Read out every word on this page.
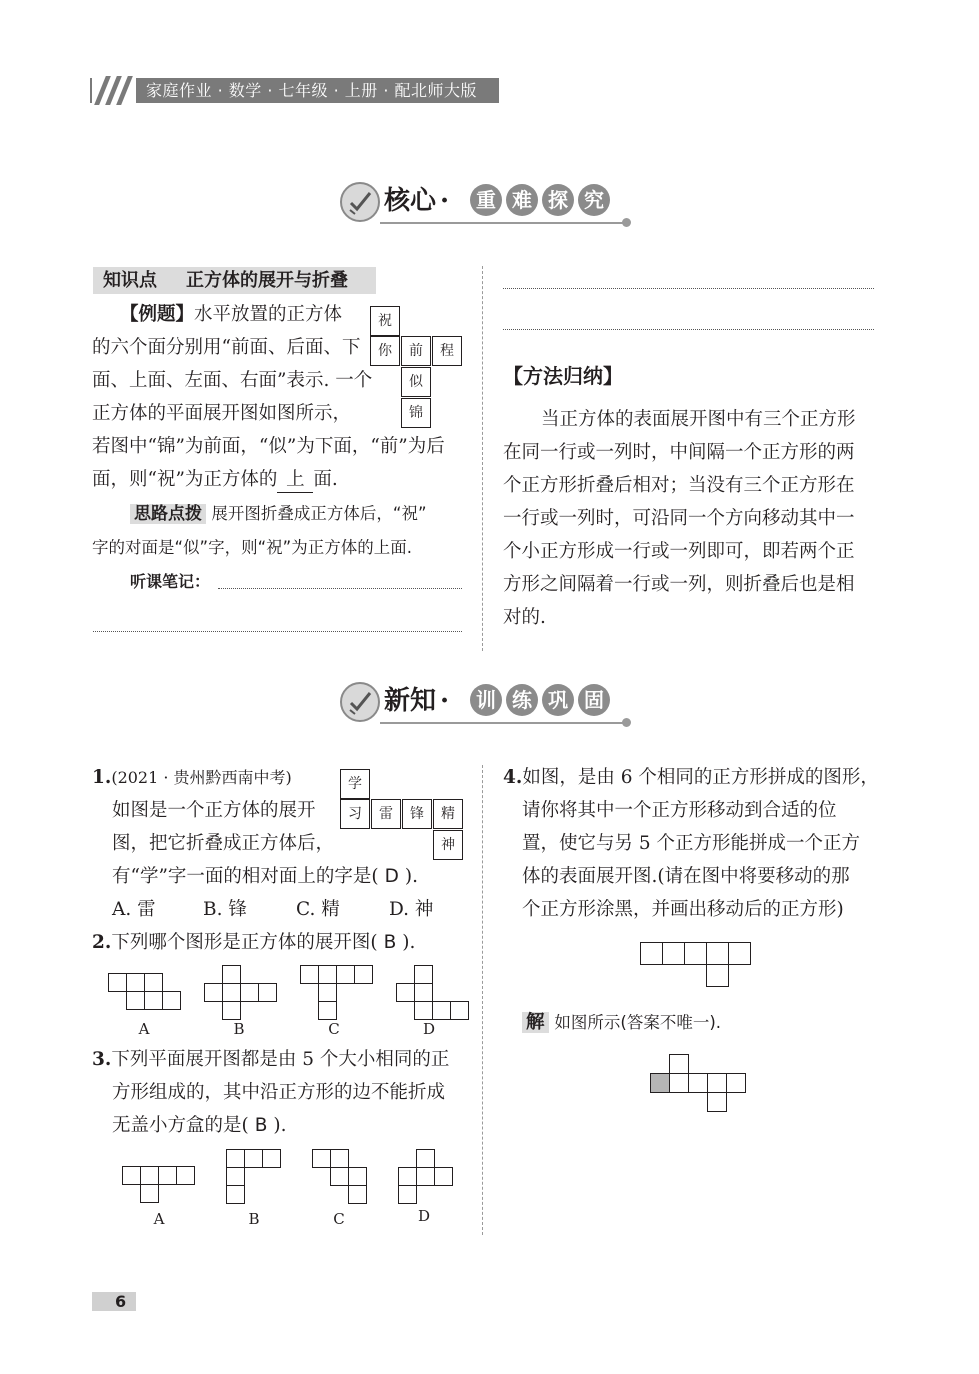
家庭作业 · 数学 · 七年级 · 上册 · 配北师大版
核心 ·	重 难 探 究
知识点 正方体的展开与折叠
【例题】水平放置的正方体
的六个面分别用“前面、后面、下
面、上面、左面、右面”表示. 一个
正方体的平面展开图如图所示，
若图中“锦”为前面，“似”为下面，“前”为后
面，则“祝”为正方体的 上 面.
祝
你	前	程
似
锦
思路点拨 展开图折叠成正方体后，“祝”
字的对面是“似”字，则“祝”为正方体的上面.
听课笔记：
【方法归纳】
当正方体的表面展开图中有三个正方形
在同一行或一列时，中间隔一个正方形的两
个正方形折叠后相对；当没有三个正方形在
一行或一列时，可沿同一个方向移动其中一
个小正方形成一行或一列即可，即若两个正
方形之间隔着一行或一列，则折叠后也是相
对的.
新知 ·	训 练 巩 固
1.(2021 · 贵州黔西南中考)
如图是一个正方体的展开
图，把它折叠成正方体后，
有“学”字一面的相对面上的字是( D ).
A. 雷	B. 锋	C. 精	D. 神
学
习	雷	锋	精
神
2.下列哪个图形是正方体的展开图( B ).
A	B	C	D
3.下列平面展开图都是由 5 个大小相同的正
方形组成的，其中沿正方形的边不能折成
无盖小方盒的是( B ).
A	B	C	D
4.如图，是由 6 个相同的正方形拼成的图形，
请你将其中一个正方形移动到合适的位
置，使它与另 5 个正方形能拼成一个正方
体的表面展开图.(请在图中将要移动的那
个正方形涂黑，并画出移动后的正方形)
解 如图所示(答案不唯一).
6
